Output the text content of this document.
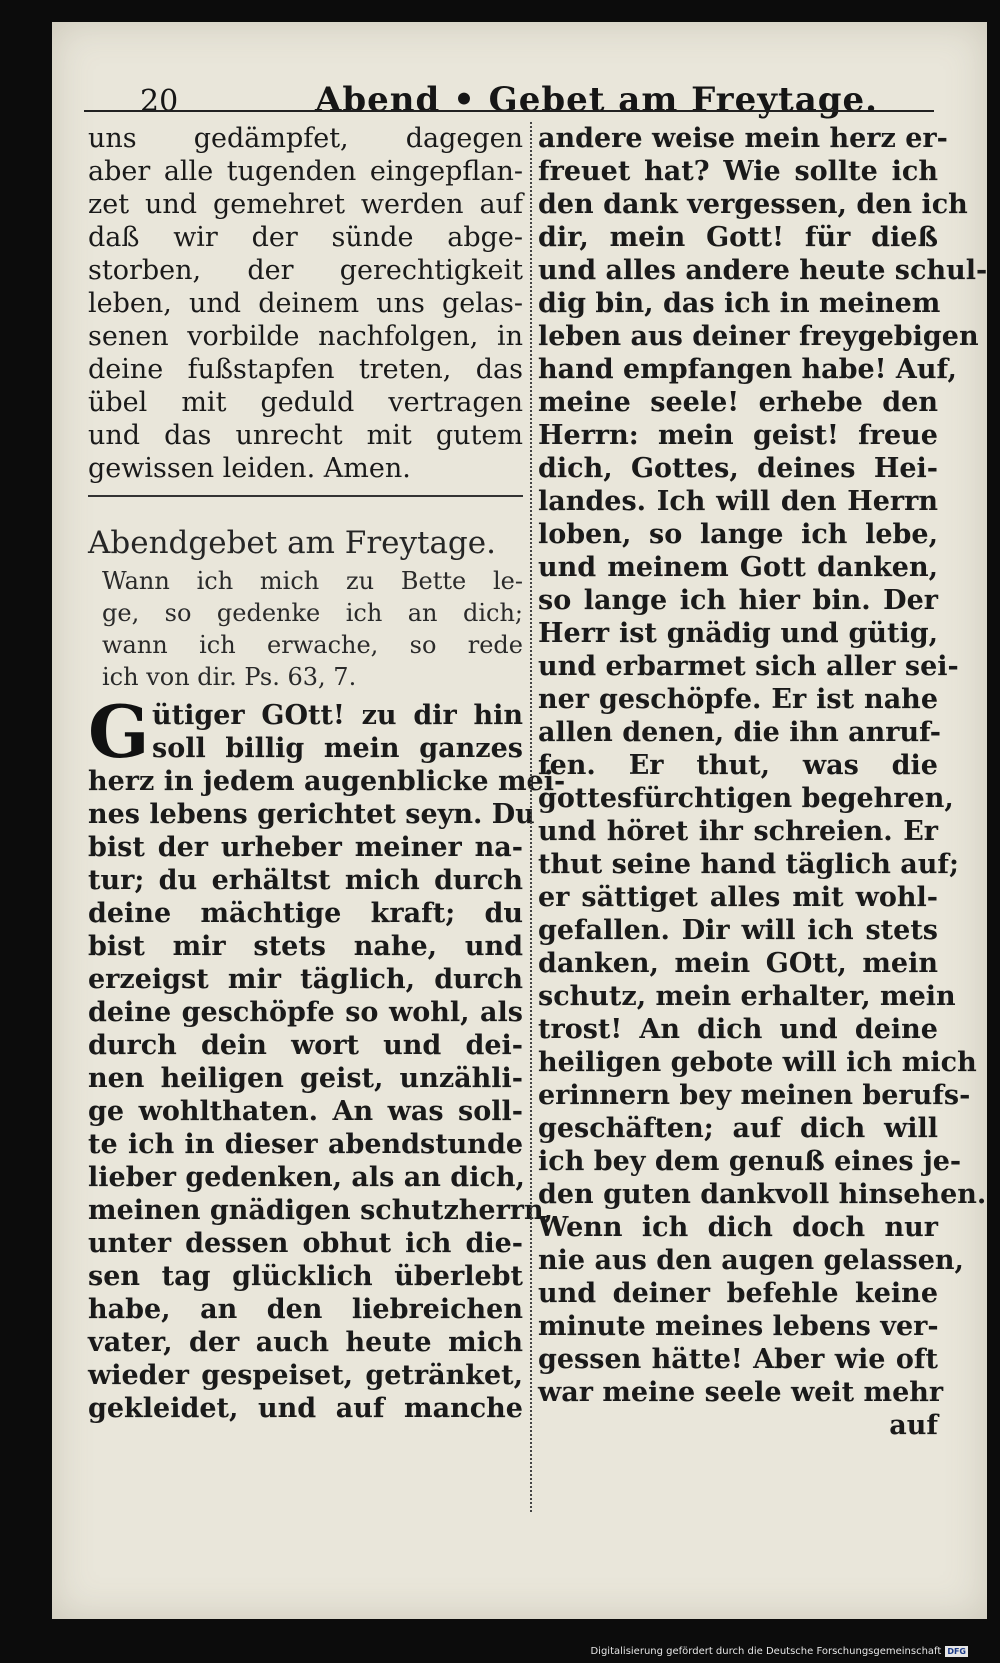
20	Abend • Gebet am Freytage.
uns gedämpfet, dagegen
aber alle tugenden eingepflan-
zet und gemehret werden auf
daß wir der sünde abge-
storben, der gerechtigkeit
leben, und deinem uns gelas-
senen vorbilde nachfolgen, in
deine fußstapfen treten, das
übel mit geduld vertragen
und das unrecht mit gutem
gewissen leiden. Amen.
Abendgebet am Freytage.
Wann ich mich zu Bette le-
ge, so gedenke ich an dich;
wann ich erwache, so rede
ich von dir. Ps. 63, 7.
G ütiger GOtt! zu dir hin
soll billig mein ganzes
herz in jedem augenblicke mei-
nes lebens gerichtet seyn. Du
bist der urheber meiner na-
tur; du erhältst mich durch
deine mächtige kraft; du
bist mir stets nahe, und
erzeigst mir täglich, durch
deine geschöpfe so wohl, als
durch dein wort und dei-
nen heiligen geist, unzähli-
ge wohlthaten. An was soll-
te ich in dieser abendstunde
lieber gedenken, als an dich,
meinen gnädigen schutzherrn,
unter dessen obhut ich die-
sen tag glücklich überlebt
habe, an den liebreichen
vater, der auch heute mich
wieder gespeiset, getränket,
gekleidet, und auf manche
andere weise mein herz er-
freuet hat? Wie sollte ich
den dank vergessen, den ich
dir, mein Gott! für dieß
und alles andere heute schul-
dig bin, das ich in meinem
leben aus deiner freygebigen
hand empfangen habe! Auf,
meine seele! erhebe den
Herrn: mein geist! freue
dich, Gottes, deines Hei-
landes. Ich will den Herrn
loben, so lange ich lebe,
und meinem Gott danken,
so lange ich hier bin. Der
Herr ist gnädig und gütig,
und erbarmet sich aller sei-
ner geschöpfe. Er ist nahe
allen denen, die ihn anruf-
fen. Er thut, was die
gottesfürchtigen begehren,
und höret ihr schreien. Er
thut seine hand täglich auf;
er sättiget alles mit wohl-
gefallen. Dir will ich stets
danken, mein GOtt, mein
schutz, mein erhalter, mein
trost! An dich und deine
heiligen gebote will ich mich
erinnern bey meinen berufs-
geschäften; auf dich will
ich bey dem genuß eines je-
den guten dankvoll hinsehen.
Wenn ich dich doch nur
nie aus den augen gelassen,
und deiner befehle keine
minute meines lebens ver-
gessen hätte! Aber wie oft
war meine seele weit mehr
auf
Digitalisierung gefördert durch die Deutsche Forschungsgemeinschaft DFG
